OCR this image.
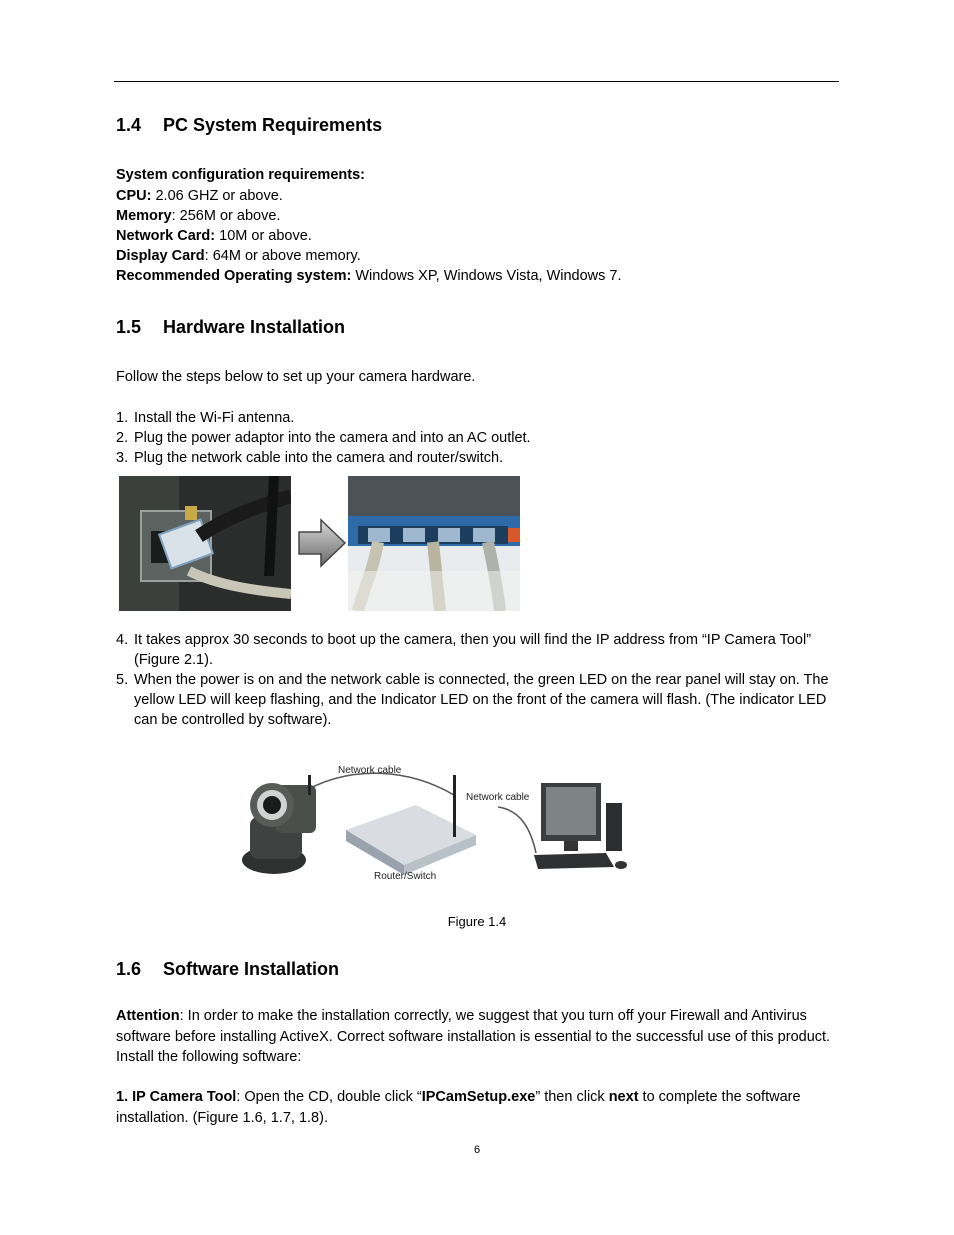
1.4 PC System Requirements
System configuration requirements:
CPU: 2.06 GHZ or above.
Memory: 256M or above.
Network Card: 10M or above.
Display Card: 64M or above memory.
Recommended Operating system: Windows XP, Windows Vista, Windows 7.
1.5 Hardware Installation
Follow the steps below to set up your camera hardware.
1. Install the Wi-Fi antenna.
2. Plug the power adaptor into the camera and into an AC outlet.
3. Plug the network cable into the camera and router/switch.
4. It takes approx 30 seconds to boot up the camera, then you will find the IP address from “IP Camera Tool” (Figure 2.1).
5. When the power is on and the network cable is connected, the green LED on the rear panel will stay on. The yellow LED will keep flashing, and the Indicator LED on the front of the camera will flash. (The indicator LED can be controlled by software).
Network cable
Network cable
Router/Switch
Figure 1.4
1.6 Software Installation
Attention: In order to make the installation correctly, we suggest that you turn off your Firewall and Antivirus software before installing ActiveX. Correct software installation is essential to the successful use of this product. Install the following software:
1. IP Camera Tool: Open the CD, double click “IPCamSetup.exe” then click next to complete the software installation. (Figure 1.6, 1.7, 1.8).
6
